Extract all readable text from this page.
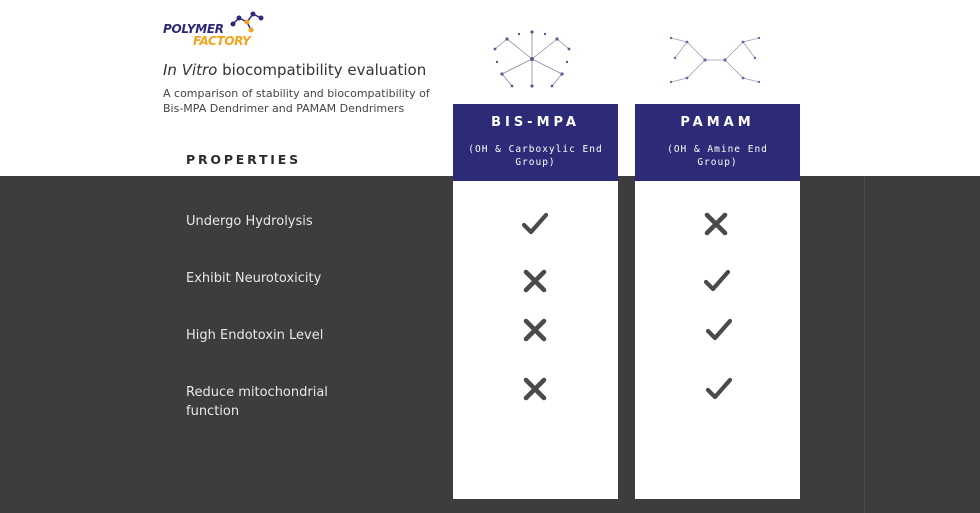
POLYMER
FACTORY
In Vitro biocompatibility evaluation
A comparison of stability and biocompatibility of Bis-MPA Dendrimer and PAMAM Dendrimers
PROPERTIES
BIS-MPA
(OH & Carboxylic End Group)
PAMAM
(OH & Amine End Group)
Undergo Hydrolysis
Exhibit Neurotoxicity
High Endotoxin Level
Reduce mitochondrial function
